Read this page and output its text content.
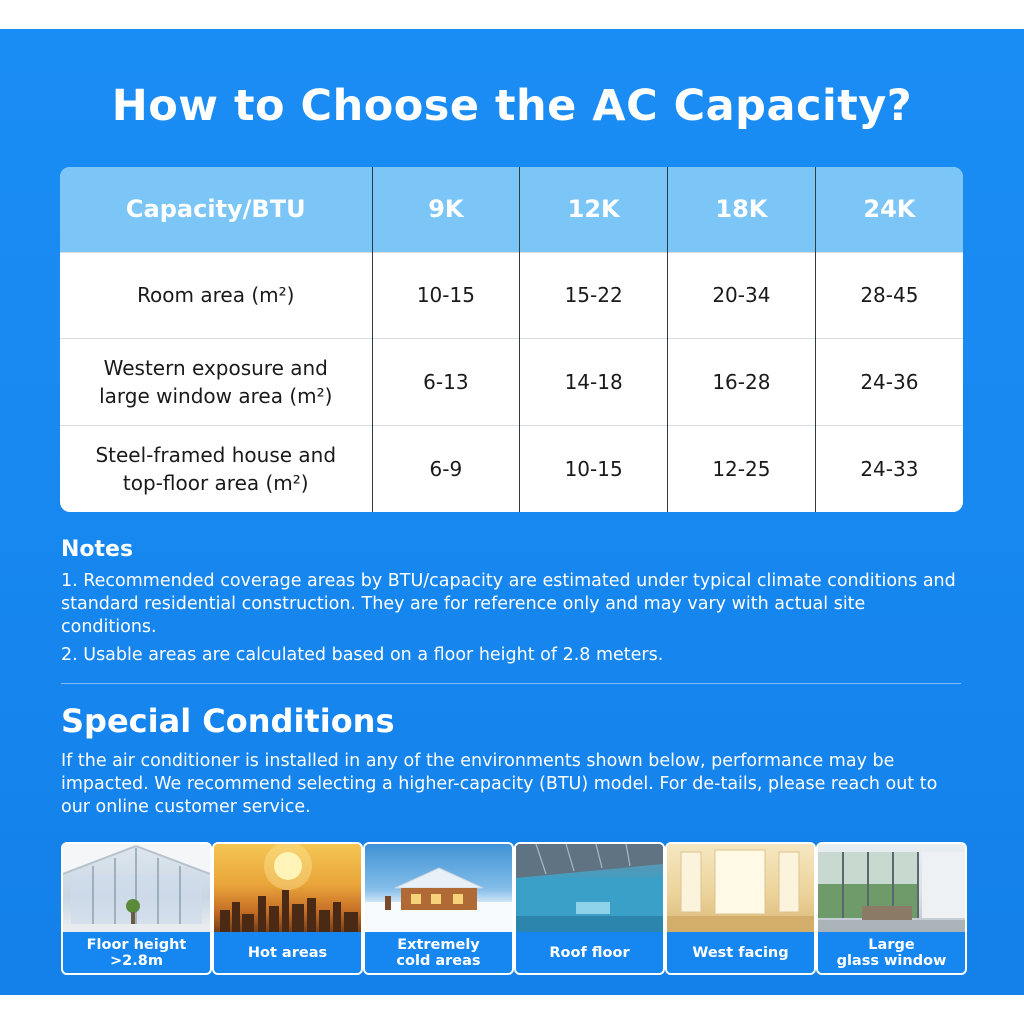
How to Choose the AC Capacity?
Capacity/BTU	9K	12K	18K	24K
Room area (m²)	10-15	15-22	20-34	28-45
Western exposure and
large window area (m²)	6-13	14-18	16-28	24-36
Steel-framed house and
top-floor area (m²)	6-9	10-15	12-25	24-33
Notes
1. Recommended coverage areas by BTU/capacity are estimated under typical climate conditions and standard residential construction. They are for reference only and may vary with actual site conditions.
2. Usable areas are calculated based on a floor height of 2.8 meters.
Special Conditions
If the air conditioner is installed in any of the environments shown below, performance may be impacted. We recommend selecting a higher-capacity (BTU) model. For de-tails, please reach out to our online customer service.
Floor height
>2.8m	Hot areas	Extremely
cold areas	Roof floor	West facing	Large
glass window
